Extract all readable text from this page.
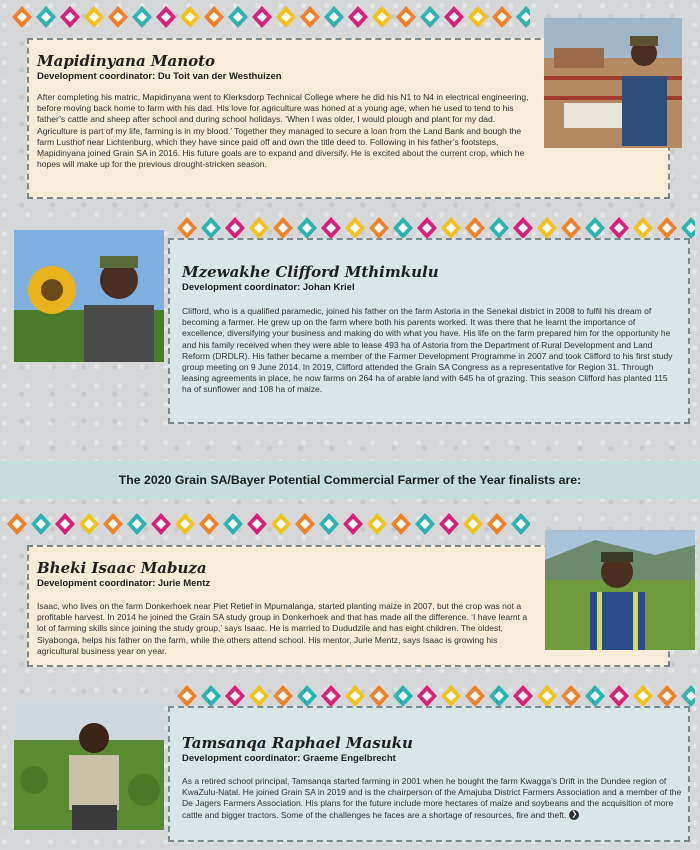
Mapidinyana Manoto

Development coordinator: Du Toit van der Westhuizen

After completing his matric, Mapidinyana went to Klerksdorp Technical College where he did his N1 to N4 in electrical engineering, before moving back home to farm with his dad. His love for agriculture was honed at a young age, when he used to tend to his father’s cattle and sheep after school and during school holidays. ‘When I was older, I would plough and plant for my dad. Agriculture is part of my life, farming is in my blood.’ Together they managed to secure a loan from the Land Bank and bough the farm Lusthof near Lichtenburg, which they have since paid off and own the title deed to. Following in his father’s footsteps, Mapidinyana joined Grain SA in 2016. His future goals are to expand and diversify. He is excited about the current crop, which he hopes will make up for the previous drought-stricken season.

Mzewakhe Clifford Mthimkulu

Development coordinator: Johan Kriel

Clifford, who is a qualified paramedic, joined his father on the farm Astoria in the Senekal district in 2008 to fulfil his dream of becoming a farmer. He grew up on the farm where both his parents worked. It was there that he learnt the importance of excellence, diversifying your business and making do with what you have. His life on the farm prepared him for the opportunity he and his family received when they were able to lease 493 ha of Astoria from the Department of Rural Development and Land Reform (DRDLR). His father became a member of the Farmer Development Programme in 2007 and took Clifford to his first study group meeting on 9 June 2014. In 2019, Clifford attended the Grain SA Congress as a representative for Region 31. Through leasing agreements in place, he now farms on 264 ha of arable land with 645 ha of grazing. This season Clifford has planted 115 ha of sunflower and 108 ha of maize.

The 2020 Grain SA/Bayer Potential Commercial Farmer of the Year finalists are:
Bheki Isaac Mabuza

Development coordinator: Jurie Mentz

Isaac, who lives on the farm Donkerhoek near Piet Retief in Mpumalanga, started planting maize in 2007, but the crop was not a profitable harvest. In 2014 he joined the Grain SA study group in Donkerhoek and that has made all the difference. ‘I have learnt a lot of farming skills since joining the study group,’ says Isaac. He is married to Dududzile and has eight children. The oldest, Siyabonga, helps his father on the farm, while the others attend school. His mentor, Jurie Mentz, says Isaac is growing his agricultural business year on year.

Tamsanqa Raphael Masuku

Development coordinator: Graeme Engelbrecht

As a retired school principal, Tamsanqa started farming in 2001 when he bought the farm Kwagga’s Drift in the Dundee region of KwaZulu-Natal. He joined Grain SA in 2019 and is the chairperson of the Amajuba District Farmers Association and a member of the De Jagers Farmers Association. His plans for the future include more hectares of maize and soybeans and the acquisition of more cattle and bigger tractors. Some of the challenges he faces are a shortage of resources, fire and theft. ❯
